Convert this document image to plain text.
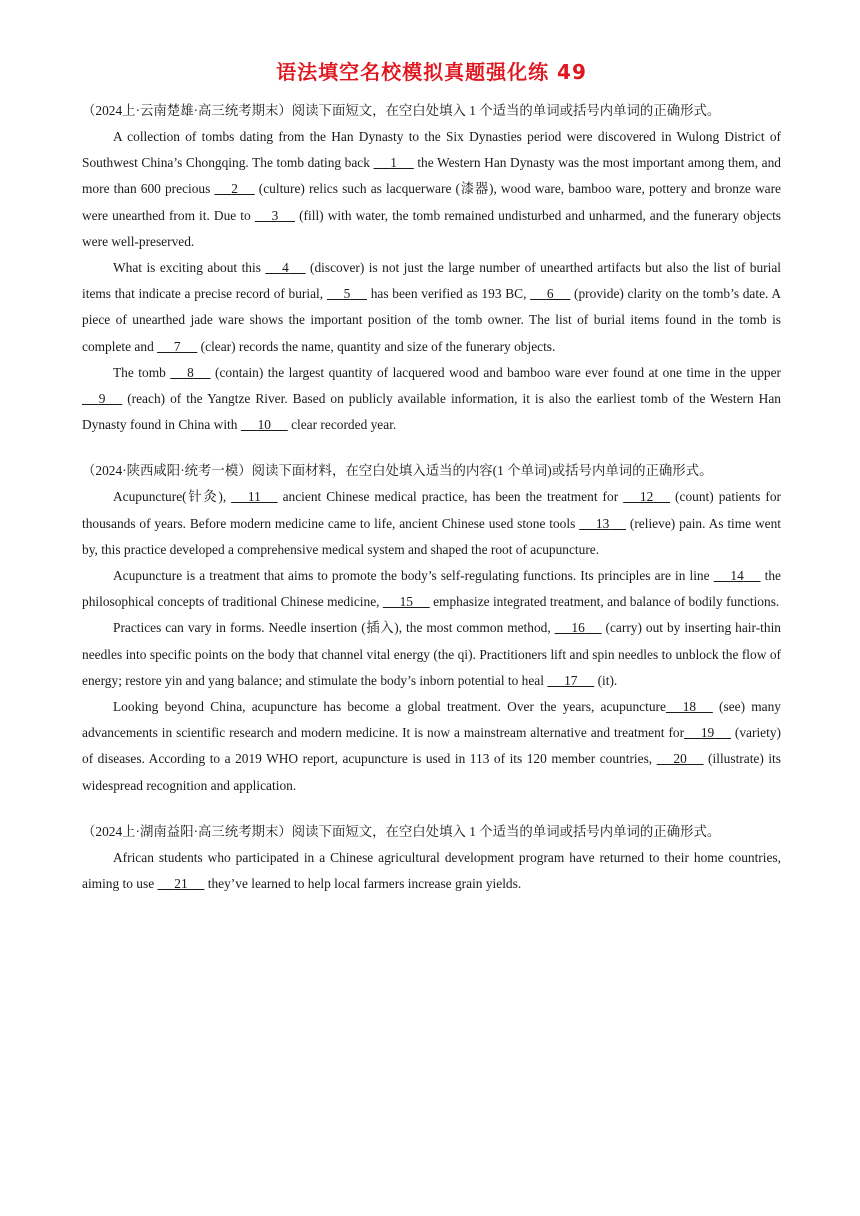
语法填空名校模拟真题强化练 49

（2024上·云南楚雄·高三统考期末）阅读下面短文，在空白处填入 1 个适当的单词或括号内单词的正确形式。

A collection of tombs dating from the Han Dynasty to the Six Dynasties period were discovered in Wulong District of Southwest China’s Chongqing. The tomb dating back      1      the Western Han Dynasty was the most important among them, and more than 600 precious      2      (culture) relics such as lacquerware (漆器), wood ware, bamboo ware, pottery and bronze ware were unearthed from it. Due to      3      (fill) with water, the tomb remained undisturbed and unharmed, and the funerary objects were well-preserved.

What is exciting about this      4      (discover) is not just the large number of unearthed artifacts but also the list of burial items that indicate a precise record of burial,      5      has been verified as 193 BC,      6      (provide) clarity on the tomb’s date. A piece of unearthed jade ware shows the important position of the tomb owner. The list of burial items found in the tomb is complete and      7      (clear) records the name, quantity and size of the funerary objects.

The tomb      8      (contain) the largest quantity of lacquered wood and bamboo ware ever found at one time in the upper      9      (reach) of the Yangtze River. Based on publicly available information, it is also the earliest tomb of the Western Han Dynasty found in China with      10      clear recorded year.

（2024·陕西咸阳·统考一模）阅读下面材料，在空白处填入适当的内容(1 个单词)或括号内单词的正确形式。

Acupuncture(针灸),      11      ancient Chinese medical practice, has been the treatment for      12      (count) patients for thousands of years. Before modern medicine came to life, ancient Chinese used stone tools      13      (relieve) pain. As time went by, this practice developed a comprehensive medical system and shaped the root of acupuncture.

Acupuncture is a treatment that aims to promote the body’s self-regulating functions. Its principles are in line      14      the philosophical concepts of traditional Chinese medicine,      15      emphasize integrated treatment, and balance of bodily functions.

Practices can vary in forms. Needle insertion (插入), the most common method,      16      (carry) out by inserting hair-thin needles into specific points on the body that channel vital energy (the qi). Practitioners lift and spin needles to unblock the flow of energy; restore yin and yang balance; and stimulate the body’s inborn potential to heal      17      (it).

Looking beyond China, acupuncture has become a global treatment. Over the years, acupuncture 18      (see) many advancements in scientific research and modern medicine. It is now a mainstream alternative and treatment for 19      (variety) of diseases. According to a 2019 WHO report, acupuncture is used in 113 of its 120 member countries,      20      (illustrate) its widespread recognition and application.

（2024上·湖南益阳·高三统考期末）阅读下面短文，在空白处填入 1 个适当的单词或括号内单词的正确形式。

African students who participated in a Chinese agricultural development program have returned to their home countries, aiming to use      21      they’ve learned to help local farmers increase grain yields.
